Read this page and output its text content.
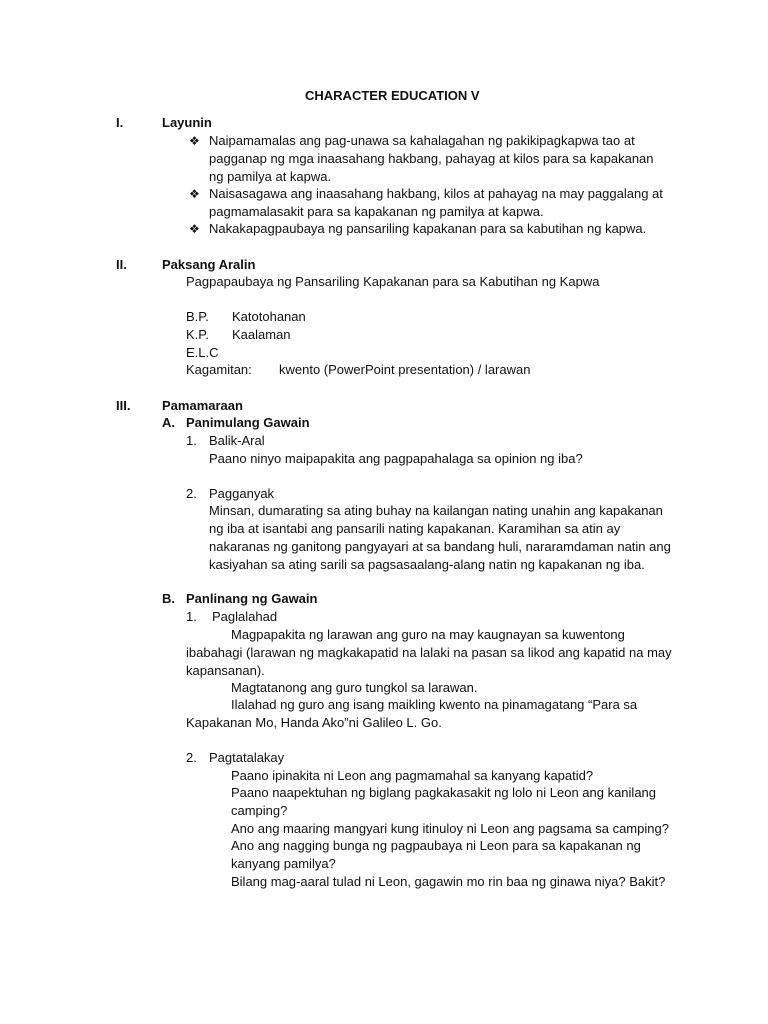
CHARACTER EDUCATION V
I.	Layunin
❖ Naipamamalas ang pag-unawa sa kahalagahan ng pakikipagkapwa tao at pagganap ng mga inaasahang hakbang, pahayag at kilos para sa kapakanan ng pamilya at kapwa.
❖ Naisasagawa ang inaasahang hakbang, kilos at pahayag na may paggalang at pagmamalasakit para sa kapakanan ng pamilya at kapwa.
❖ Nakakapagpaubaya ng pansariling kapakanan para sa kabutihan ng kapwa.
II.	Paksang Aralin
Pagpapaubaya ng Pansariling Kapakanan para sa Kabutihan ng Kapwa
B.P. Katotohanan
K.P. Kaalaman
E.L.C
Kagamitan: kwento (PowerPoint presentation) / larawan
III. Pamamaraan
A. Panimulang Gawain
1. Balik-Aral
Paano ninyo maipapakita ang pagpapahalaga sa opinion ng iba?
2. Pagganyak
Minsan, dumarating sa ating buhay na kailangan nating unahin ang kapakanan ng iba at isantabi ang pansarili nating kapakanan. Karamihan sa atin ay nakaranas ng ganitong pangyayari at sa bandang huli, nararamdaman natin ang kasiyahan sa ating sarili sa pagsasaalang-alang natin ng kapakanan ng iba.
B. Panlinang ng Gawain
1. Paglalahad
Magpapakita ng larawan ang guro na may kaugnayan sa kuwentong ibabahagi (larawan ng magkakapatid na lalaki na pasan sa likod ang kapatid na may kapansanan).
Magtatanong ang guro tungkol sa larawan.
Ilalahad ng guro ang isang maikling kwento na pinamagatang “Para sa Kapakanan Mo, Handa Ako”ni Galileo L. Go.
2. Pagtatalakay
Paano ipinakita ni Leon ang pagmamahal sa kanyang kapatid?
Paano naapektuhan ng biglang pagkakasakit ng lolo ni Leon ang kanilang camping?
Ano ang maaring mangyari kung itinuloy ni Leon ang pagsama sa camping?
Ano ang nagging bunga ng pagpaubaya ni Leon para sa kapakanan ng kanyang pamilya?
Bilang mag-aaral tulad ni Leon, gagawin mo rin baa ng ginawa niya? Bakit?
